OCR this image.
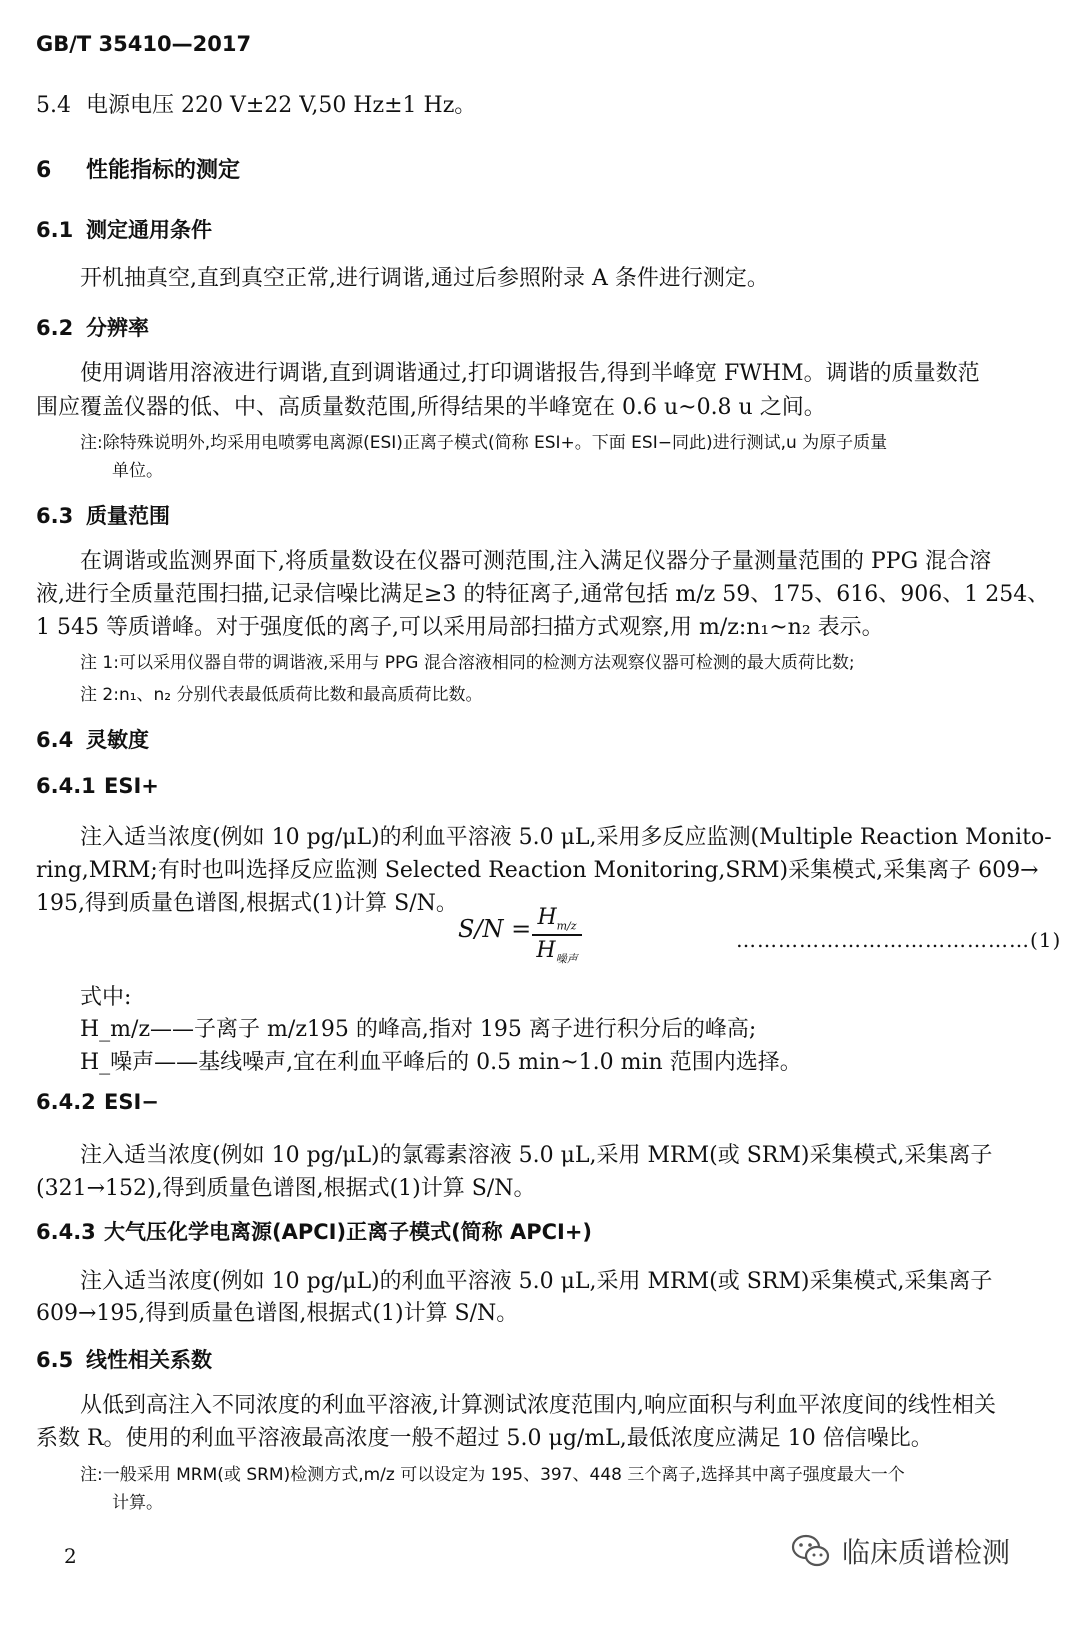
GB/T 35410—2017
5.4 电源电压 220 V±22 V,50 Hz±1 Hz。
6 性能指标的测定
6.1 测定通用条件
开机抽真空,直到真空正常,进行调谐,通过后参照附录 A 条件进行测定。
6.2 分辨率
使用调谐用溶液进行调谐,直到调谐通过,打印调谐报告,得到半峰宽 FWHM。调谐的质量数范
围应覆盖仪器的低、中、高质量数范围,所得结果的半峰宽在 0.6 u~0.8 u 之间。
注:除特殊说明外,均采用电喷雾电离源(ESI)正离子模式(简称 ESI+。下面 ESI−同此)进行测试,u 为原子质量
单位。
6.3 质量范围
在调谐或监测界面下,将质量数设在仪器可测范围,注入满足仪器分子量测量范围的 PPG 混合溶
液,进行全质量范围扫描,记录信噪比满足≥3 的特征离子,通常包括 m/z 59、175、616、906、1 254、
1 545 等质谱峰。对于强度低的离子,可以采用局部扫描方式观察,用 m/z:n₁~n₂ 表示。
注 1:可以采用仪器自带的调谐液,采用与 PPG 混合溶液相同的检测方法观察仪器可检测的最大质荷比数;
注 2:n₁、n₂ 分别代表最低质荷比数和最高质荷比数。
6.4 灵敏度
6.4.1 ESI+
注入适当浓度(例如 10 pg/μL)的利血平溶液 5.0 μL,采用多反应监测(Multiple Reaction Monito-
ring,MRM;有时也叫选择反应监测 Selected Reaction Monitoring,SRM)采集模式,采集离子 609→
195,得到质量色谱图,根据式(1)计算 S/N。
$S/N = H_{m/z}$
$H_{噪声}$
……………………………………(1)
式中:
H_m/z——子离子 m/z195 的峰高,指对 195 离子进行积分后的峰高;
H_噪声——基线噪声,宜在利血平峰后的 0.5 min~1.0 min 范围内选择。
6.4.2 ESI−
注入适当浓度(例如 10 pg/μL)的氯霉素溶液 5.0 μL,采用 MRM(或 SRM)采集模式,采集离子
(321→152),得到质量色谱图,根据式(1)计算 S/N。
6.4.3 大气压化学电离源(APCI)正离子模式(简称 APCI+)
注入适当浓度(例如 10 pg/μL)的利血平溶液 5.0 μL,采用 MRM(或 SRM)采集模式,采集离子
609→195,得到质量色谱图,根据式(1)计算 S/N。
6.5 线性相关系数
从低到高注入不同浓度的利血平溶液,计算测试浓度范围内,响应面积与利血平浓度间的线性相关
系数 R。使用的利血平溶液最高浓度一般不超过 5.0 μg/mL,最低浓度应满足 10 倍信噪比。
注:一般采用 MRM(或 SRM)检测方式,m/z 可以设定为 195、397、448 三个离子,选择其中离子强度最大一个
计算。
2	临床质谱检测
